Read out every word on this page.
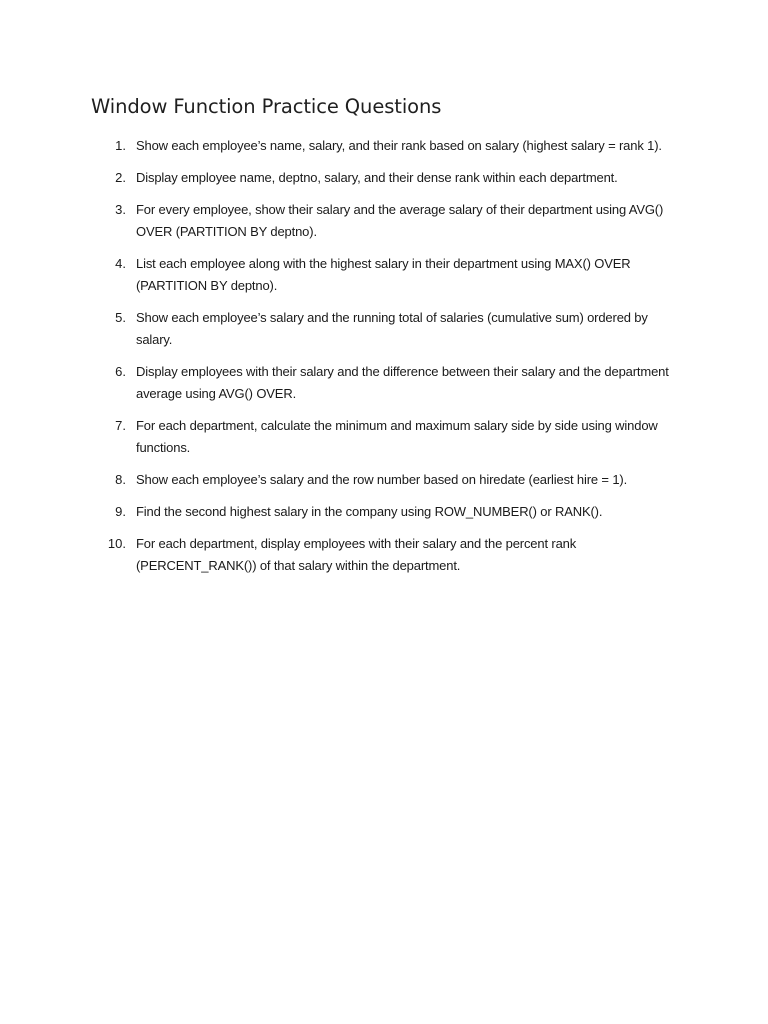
Window Function Practice Questions
1. Show each employee’s name, salary, and their rank based on salary (highest salary = rank 1).
2. Display employee name, deptno, salary, and their dense rank within each department.
3. For every employee, show their salary and the average salary of their department using AVG() OVER (PARTITION BY deptno).
4. List each employee along with the highest salary in their department using MAX() OVER (PARTITION BY deptno).
5. Show each employee’s salary and the running total of salaries (cumulative sum) ordered by salary.
6. Display employees with their salary and the difference between their salary and the department average using AVG() OVER.
7. For each department, calculate the minimum and maximum salary side by side using window functions.
8. Show each employee’s salary and the row number based on hiredate (earliest hire = 1).
9. Find the second highest salary in the company using ROW_NUMBER() or RANK().
10. For each department, display employees with their salary and the percent rank (PERCENT_RANK()) of that salary within the department.
